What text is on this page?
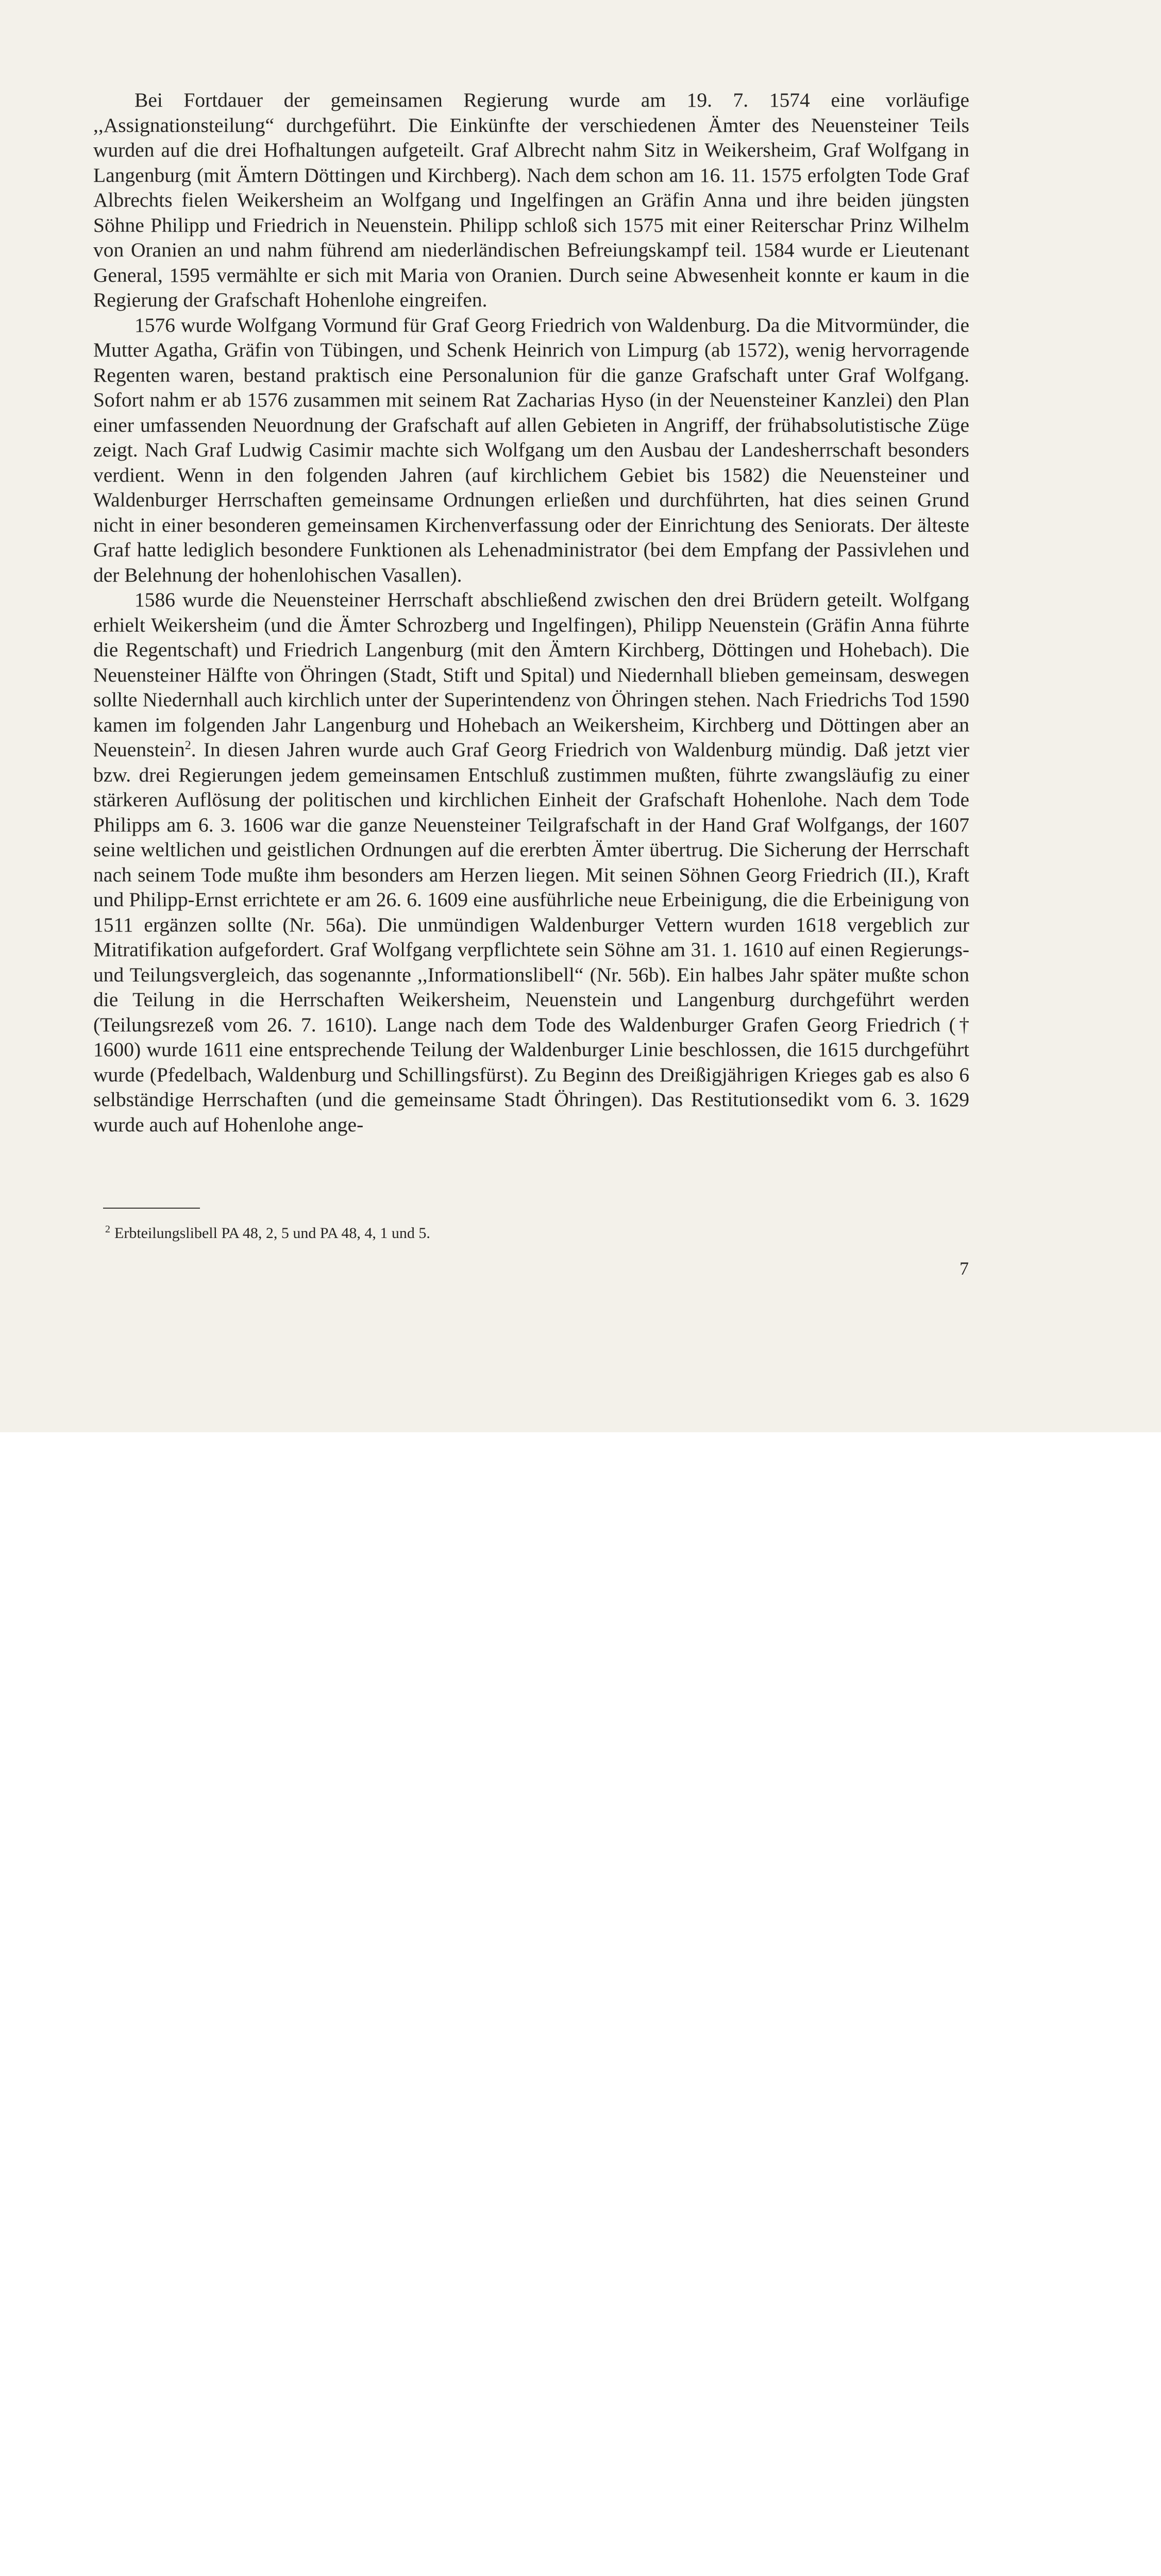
Bei Fortdauer der gemeinsamen Regierung wurde am 19. 7. 1574 eine vorläufige ,,Assignationsteilung“ durchgeführt. Die Einkünfte der verschiedenen Ämter des Neuensteiner Teils wurden auf die drei Hofhaltungen aufgeteilt. Graf Albrecht nahm Sitz in Weikersheim, Graf Wolfgang in Langenburg (mit Ämtern Döttingen und Kirchberg). Nach dem schon am 16. 11. 1575 erfolgten Tode Graf Albrechts fielen Weikersheim an Wolfgang und Ingelfingen an Gräfin Anna und ihre beiden jüngsten Söhne Philipp und Friedrich in Neuenstein. Philipp schloß sich 1575 mit einer Reiterschar Prinz Wilhelm von Oranien an und nahm führend am niederländischen Befreiungskampf teil. 1584 wurde er Lieutenant General, 1595 vermählte er sich mit Maria von Oranien. Durch seine Abwesenheit konnte er kaum in die Regierung der Grafschaft Hohenlohe eingreifen.

1576 wurde Wolfgang Vormund für Graf Georg Friedrich von Waldenburg. Da die Mitvormünder, die Mutter Agatha, Gräfin von Tübingen, und Schenk Heinrich von Limpurg (ab 1572), wenig hervorragende Regenten waren, bestand praktisch eine Personalunion für die ganze Grafschaft unter Graf Wolfgang. Sofort nahm er ab 1576 zusammen mit seinem Rat Zacharias Hyso (in der Neuensteiner Kanzlei) den Plan einer umfassenden Neuordnung der Grafschaft auf allen Gebieten in Angriff, der frühabsolutistische Züge zeigt. Nach Graf Ludwig Casimir machte sich Wolfgang um den Ausbau der Landesherrschaft besonders verdient. Wenn in den folgenden Jahren (auf kirchlichem Gebiet bis 1582) die Neuensteiner und Waldenburger Herrschaften gemeinsame Ordnungen erließen und durchführten, hat dies seinen Grund nicht in einer besonderen gemeinsamen Kirchenverfassung oder der Einrichtung des Seniorats. Der älteste Graf hatte lediglich besondere Funktionen als Lehenadministrator (bei dem Empfang der Passivlehen und der Belehnung der hohenlohischen Vasallen).

1586 wurde die Neuensteiner Herrschaft abschließend zwischen den drei Brüdern geteilt. Wolfgang erhielt Weikersheim (und die Ämter Schrozberg und Ingelfingen), Philipp Neuenstein (Gräfin Anna führte die Regentschaft) und Friedrich Langenburg (mit den Ämtern Kirchberg, Döttingen und Hohebach). Die Neuensteiner Hälfte von Öhringen (Stadt, Stift und Spital) und Niedernhall blieben gemeinsam, deswegen sollte Niedernhall auch kirchlich unter der Superintendenz von Öhringen stehen. Nach Friedrichs Tod 1590 kamen im folgenden Jahr Langenburg und Hohebach an Weikersheim, Kirchberg und Döttingen aber an Neuenstein$^2$. In diesen Jahren wurde auch Graf Georg Friedrich von Waldenburg mündig. Daß jetzt vier bzw. drei Regierungen jedem gemeinsamen Entschluß zustimmen mußten, führte zwangsläufig zu einer stärkeren Auflösung der politischen und kirchlichen Einheit der Grafschaft Hohenlohe. Nach dem Tode Philipps am 6. 3. 1606 war die ganze Neuensteiner Teilgrafschaft in der Hand Graf Wolfgangs, der 1607 seine weltlichen und geistlichen Ordnungen auf die ererbten Ämter übertrug. Die Sicherung der Herrschaft nach seinem Tode mußte ihm besonders am Herzen liegen. Mit seinen Söhnen Georg Friedrich (II.), Kraft und Philipp-Ernst errichtete er am 26. 6. 1609 eine ausführliche neue Erbeinigung, die die Erbeinigung von 1511 ergänzen sollte (Nr. 56a). Die unmündigen Waldenburger Vettern wurden 1618 vergeblich zur Mitratifikation aufgefordert. Graf Wolfgang verpflichtete sein Söhne am 31. 1. 1610 auf einen Regierungs- und Teilungsvergleich, das sogenannte ,,Informationslibell“ (Nr. 56b). Ein halbes Jahr später mußte schon die Teilung in die Herrschaften Weikersheim, Neuenstein und Langenburg durchgeführt werden (Teilungsrezeß vom 26. 7. 1610). Lange nach dem Tode des Waldenburger Grafen Georg Friedrich († 1600) wurde 1611 eine entsprechende Teilung der Waldenburger Linie beschlossen, die 1615 durchgeführt wurde (Pfedelbach, Waldenburg und Schillingsfürst). Zu Beginn des Dreißigjährigen Krieges gab es also 6 selbständige Herrschaften (und die gemeinsame Stadt Öhringen). Das Restitutionsedikt vom 6. 3. 1629 wurde auch auf Hohenlohe ange-

$^2$ Erbteilungslibell PA 48, 2, 5 und PA 48, 4, 1 und 5.
7
